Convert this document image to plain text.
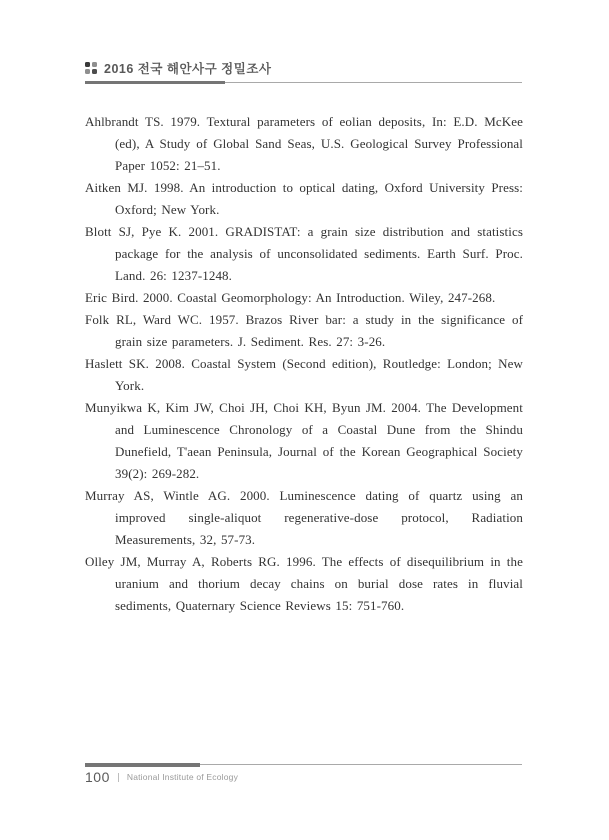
2016 전국 해안사구 정밀조사

Ahlbrandt TS. 1979. Textural parameters of eolian deposits, In: E.D. McKee (ed), A Study of Global Sand Seas, U.S. Geological Survey Professional Paper 1052: 21–51.

Aitken MJ. 1998. An introduction to optical dating, Oxford University Press: Oxford; New York.

Blott SJ, Pye K. 2001. GRADISTAT: a grain size distribution and statistics package for the analysis of unconsolidated sediments. Earth Surf. Proc. Land. 26: 1237-1248.

Eric Bird. 2000. Coastal Geomorphology: An Introduction. Wiley, 247-268.

Folk RL, Ward WC. 1957. Brazos River bar: a study in the significance of grain size parameters. J. Sediment. Res. 27: 3-26.

Haslett SK. 2008. Coastal System (Second edition), Routledge: London; New York.

Munyikwa K, Kim JW, Choi JH, Choi KH, Byun JM. 2004. The Development and Luminescence Chronology of a Coastal Dune from the Shindu Dunefield, T'aean Peninsula, Journal of the Korean Geographical Society 39(2): 269-282.

Murray AS, Wintle AG. 2000. Luminescence dating of quartz using an improved single-aliquot regenerative-dose protocol, Radiation Measurements, 32, 57-73.

Olley JM, Murray A, Roberts RG. 1996. The effects of disequilibrium in the uranium and thorium decay chains on burial dose rates in fluvial sediments, Quaternary Science Reviews 15: 751-760.

100 National Institute of Ecology
